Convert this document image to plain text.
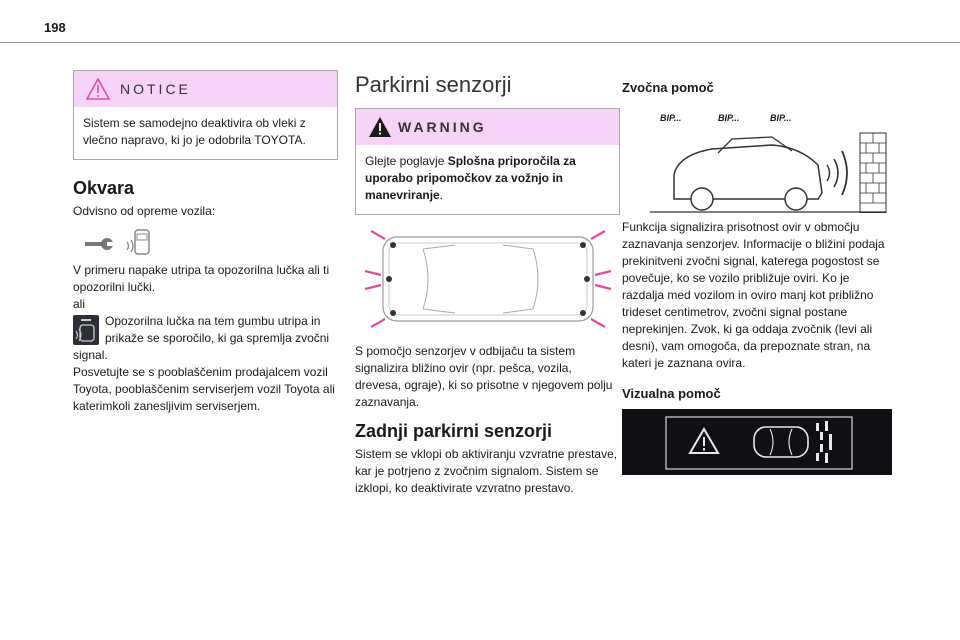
198
NOTICE
Sistem se samodejno deaktivira ob vleki z vlečno napravo, ki jo je odobrila TOYOTA.
Okvara

Odvisno od opreme vozila:

V primeru napake utripa ta opozorilna lučka ali ti opozorilni lučki.

ali

Opozorilna lučka na tem gumbu utripa in prikaže se sporočilo, ki ga spremlja zvočni signal.

Posvetujte se s pooblaščenim prodajalcem vozil Toyota, pooblaščenim serviserjem vozil Toyota ali katerimkoli zanesljivim serviserjem.

Parkirni senzorji
WARNING
Glejte poglavje Splošna priporočila za uporabo pripomočkov za vožnjo in manevriranje.

S pomočjo senzorjev v odbijaču ta sistem signalizira bližino ovir (npr. pešca, vozila, drevesa, ograje), ki so prisotne v njegovem polju zaznavanja.

Zadnji parkirni senzorji

Sistem se vklopi ob aktiviranju vzvratne prestave, kar je potrjeno z zvočnim signalom. Sistem se izklopi, ko deaktivirate vzvratno prestavo.

Zvočna pomoč
BIP...	BIP...	BIP...

Funkcija signalizira prisotnost ovir v območju zaznavanja senzorjev. Informacije o bližini podaja prekinitveni zvočni signal, katerega pogostost se povečuje, ko se vozilo približuje oviri. Ko je razdalja med vozilom in oviro manj kot približno trideset centimetrov, zvočni signal postane neprekinjen. Zvok, ki ga oddaja zvočnik (levi ali desni), vam omogoča, da prepoznate stran, na kateri je zaznana ovira.

Vizualna pomoč
